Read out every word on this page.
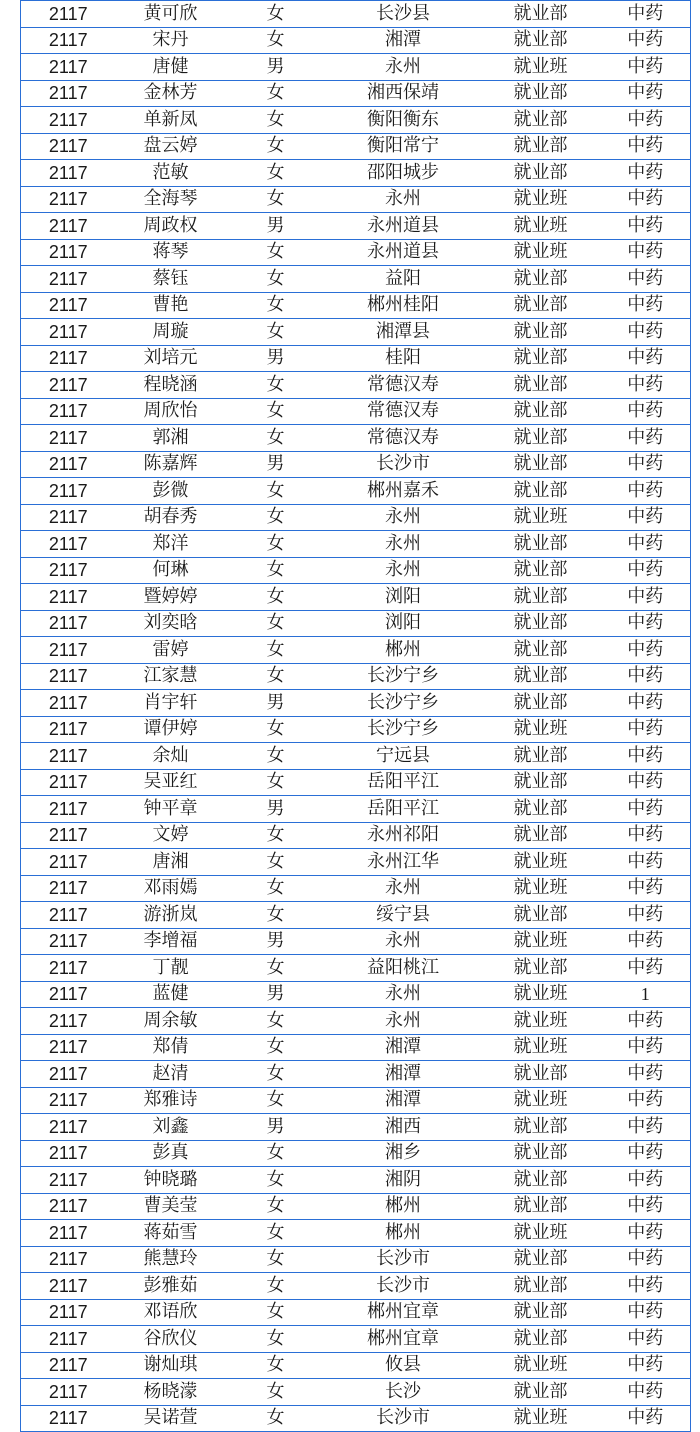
2117	黄可欣	女	长沙县	就业部	中药
2117	宋丹	女	湘潭	就业部	中药
2117	唐健	男	永州	就业班	中药
2117	金林芳	女	湘西保靖	就业部	中药
2117	单新凤	女	衡阳衡东	就业部	中药
2117	盘云婷	女	衡阳常宁	就业部	中药
2117	范敏	女	邵阳城步	就业部	中药
2117	全海琴	女	永州	就业班	中药
2117	周政权	男	永州道县	就业班	中药
2117	蒋琴	女	永州道县	就业班	中药
2117	蔡钰	女	益阳	就业部	中药
2117	曹艳	女	郴州桂阳	就业部	中药
2117	周璇	女	湘潭县	就业部	中药
2117	刘培元	男	桂阳	就业部	中药
2117	程晓涵	女	常德汉寿	就业部	中药
2117	周欣怡	女	常德汉寿	就业部	中药
2117	郭湘	女	常德汉寿	就业部	中药
2117	陈嘉辉	男	长沙市	就业部	中药
2117	彭微	女	郴州嘉禾	就业部	中药
2117	胡春秀	女	永州	就业班	中药
2117	郑洋	女	永州	就业部	中药
2117	何琳	女	永州	就业部	中药
2117	暨婷婷	女	浏阳	就业部	中药
2117	刘奕晗	女	浏阳	就业部	中药
2117	雷婷	女	郴州	就业部	中药
2117	江家慧	女	长沙宁乡	就业部	中药
2117	肖宇轩	男	长沙宁乡	就业部	中药
2117	谭伊婷	女	长沙宁乡	就业班	中药
2117	余灿	女	宁远县	就业部	中药
2117	吴亚红	女	岳阳平江	就业部	中药
2117	钟平章	男	岳阳平江	就业部	中药
2117	文婷	女	永州祁阳	就业部	中药
2117	唐湘	女	永州江华	就业班	中药
2117	邓雨嫣	女	永州	就业班	中药
2117	游浙岚	女	绥宁县	就业部	中药
2117	李增福	男	永州	就业班	中药
2117	丁靓	女	益阳桃江	就业部	中药
2117	蓝健	男	永州	就业班	1
2117	周余敏	女	永州	就业班	中药
2117	郑倩	女	湘潭	就业班	中药
2117	赵清	女	湘潭	就业部	中药
2117	郑雅诗	女	湘潭	就业班	中药
2117	刘鑫	男	湘西	就业部	中药
2117	彭真	女	湘乡	就业部	中药
2117	钟晓璐	女	湘阴	就业部	中药
2117	曹美莹	女	郴州	就业部	中药
2117	蒋茹雪	女	郴州	就业班	中药
2117	熊慧玲	女	长沙市	就业部	中药
2117	彭雅茹	女	长沙市	就业部	中药
2117	邓语欣	女	郴州宜章	就业部	中药
2117	谷欣仪	女	郴州宜章	就业部	中药
2117	谢灿琪	女	攸县	就业班	中药
2117	杨晓濛	女	长沙	就业部	中药
2117	吴诺萱	女	长沙市	就业班	中药
